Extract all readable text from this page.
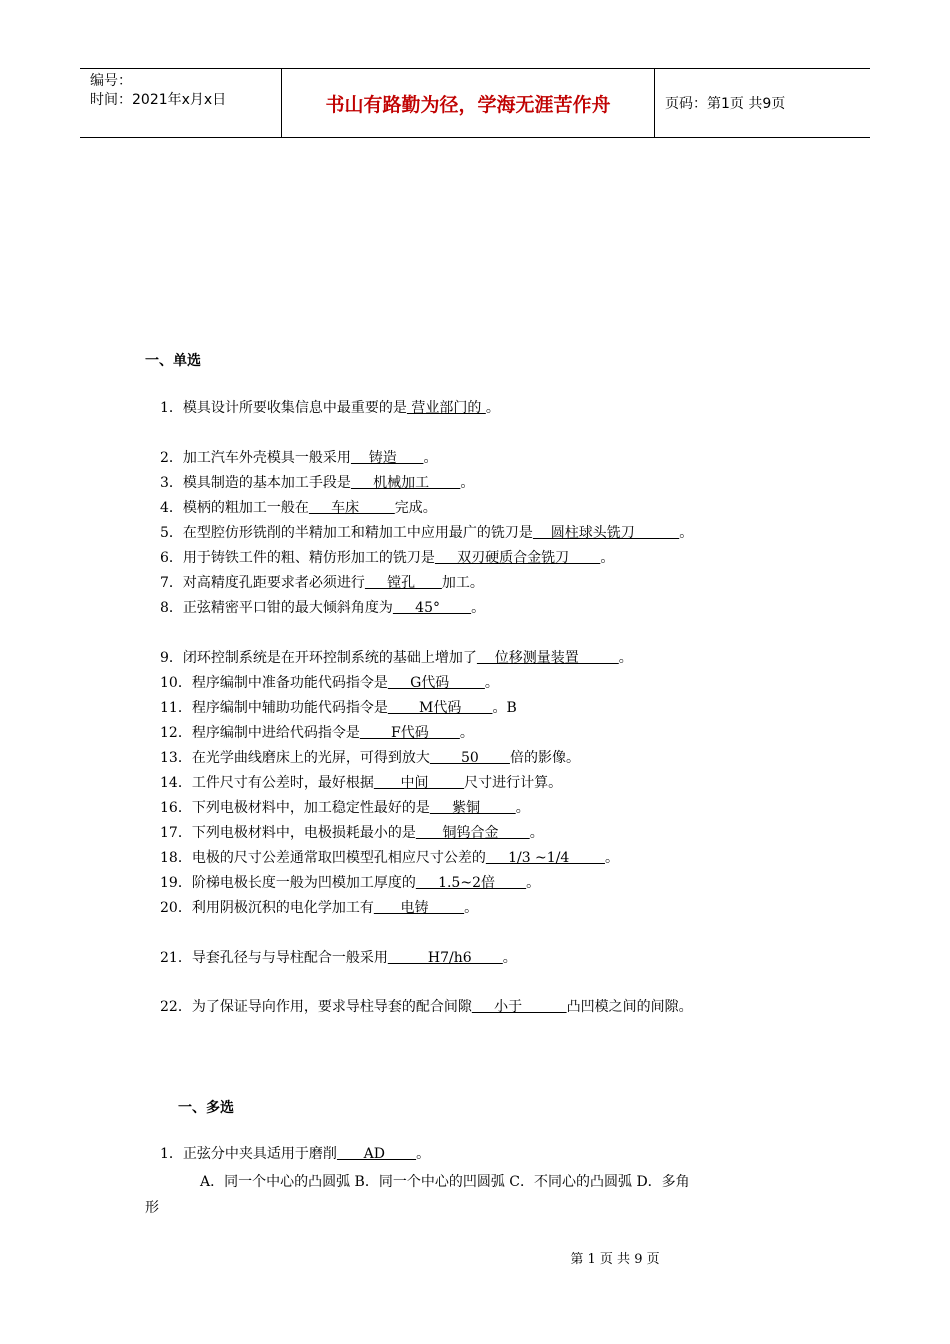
编号：
时间：2021年x月x日	书山有路勤为径，学海无涯苦作舟	页码：第1页 共9页
一、单选
1．模具设计所要收集信息中最重要的是 营业部门的 。
2．加工汽车外壳模具一般采用    铸造      。
3．模具制造的基本加工手段是     机械加工       。
4．模柄的粗加工一般在     车床        完成。
5．在型腔仿形铣削的半精加工和精加工中应用最广的铣刀是    圆柱球头铣刀          。
6．用于铸铁工件的粗、精仿形加工的铣刀是     双刃硬质合金铣刀       。
7．对高精度孔距要求者必须进行     镗孔      加工。
8．正弦精密平口钳的最大倾斜角度为     45°       。
9．闭环控制系统是在开环控制系统的基础上增加了    位移测量装置         。
10．程序编制中准备功能代码指令是     G代码        。
11．程序编制中辅助功能代码指令是       M代码       。B
12．程序编制中进给代码指令是       F代码       。
13．在光学曲线磨床上的光屏，可得到放大       50       倍的影像。
14．工件尺寸有公差时，最好根据      中间        尺寸进行计算。
16．下列电极材料中，加工稳定性最好的是     紫铜        。
17．下列电极材料中，电极损耗最小的是      铜钨合金       。
18．电极的尺寸公差通常取凹模型孔相应尺寸公差的     1/3 ~1/4        。
19．阶梯电极长度一般为凹模加工厚度的     1.5~2倍       。
20．利用阴极沉积的电化学加工有      电铸        。
21．导套孔径与与导柱配合一般采用         H7/h6       。
22．为了保证导向作用，要求导柱导套的配合间隙     小于          凸凹模之间的间隙。
一、多选
1．正弦分中夹具适用于磨削      AD       。
A．同一个中心的凸圆弧 B．同一个中心的凹圆弧 C．不同心的凸圆弧 D．多角
形
第 1 页 共 9 页
